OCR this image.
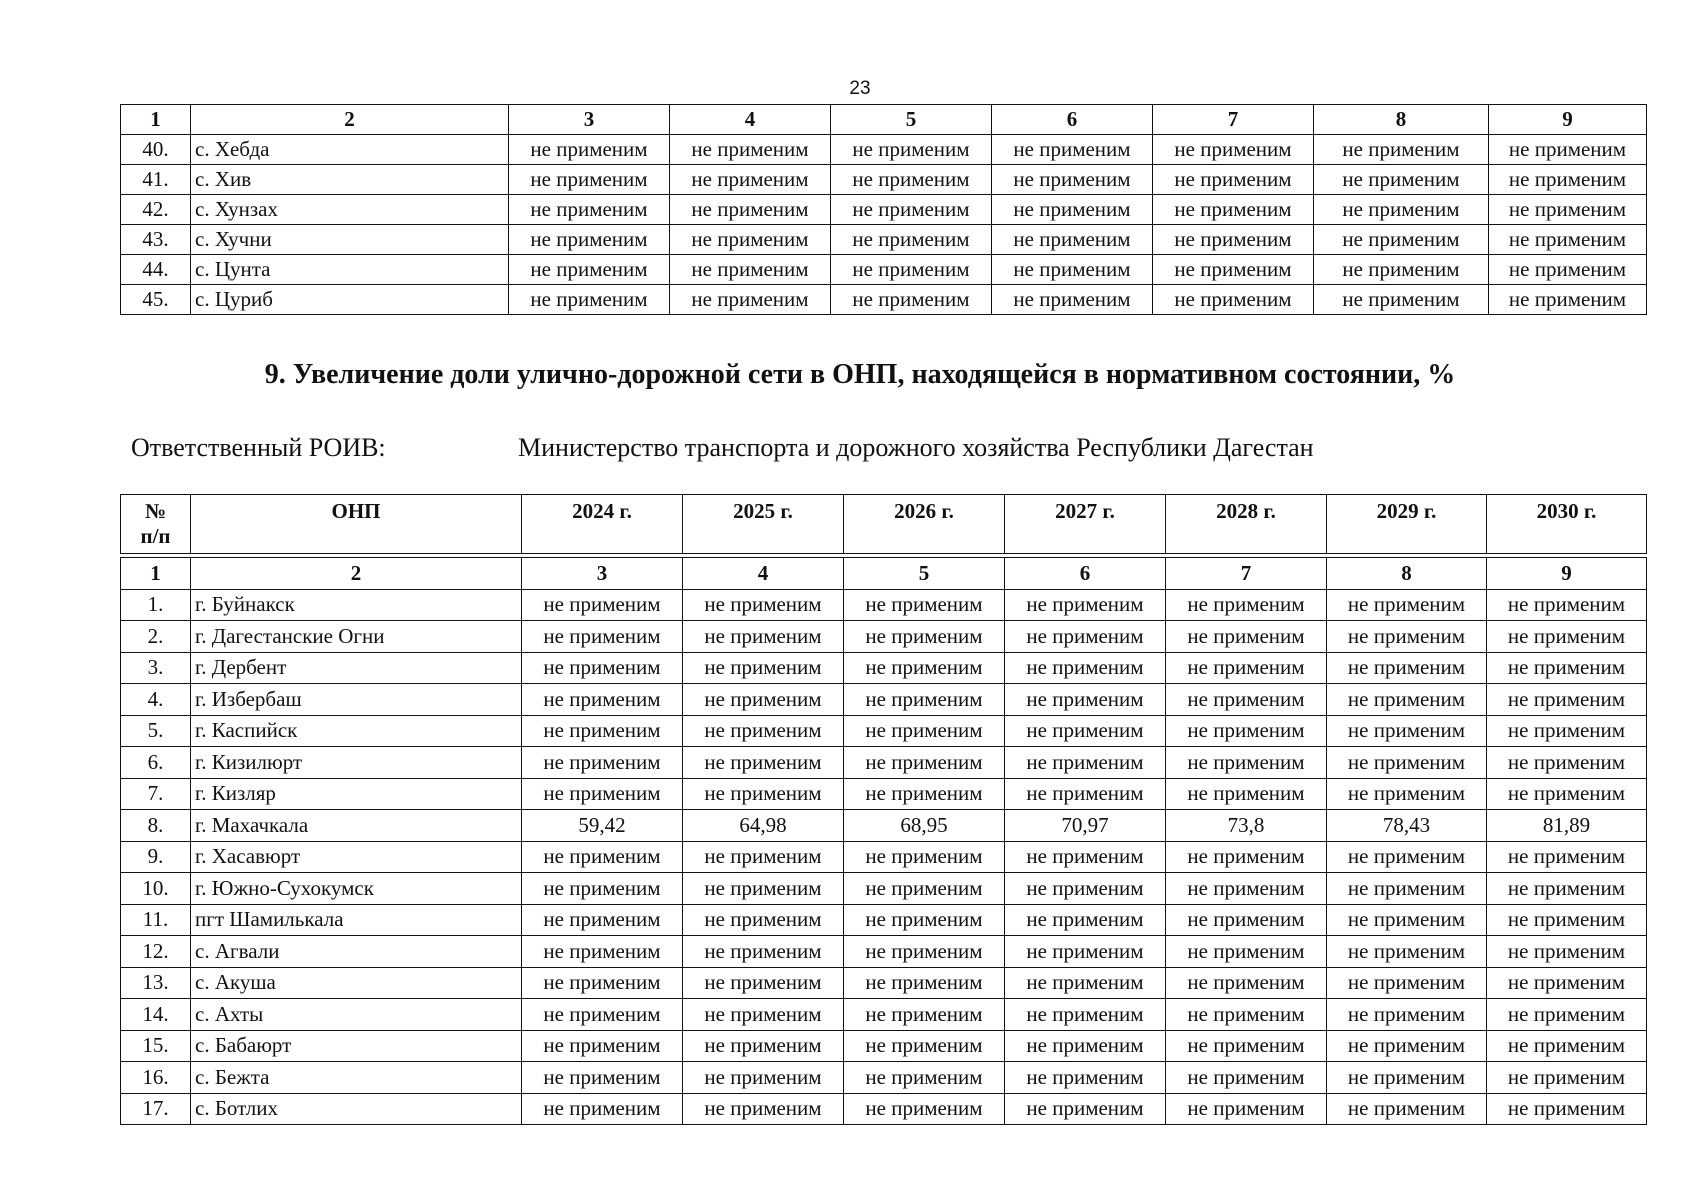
23
1	2	3	4	5	6	7	8	9
40.	с. Хебда	не применим	не применим	не применим	не применим	не применим	не применим	не применим
41.	с. Хив	не применим	не применим	не применим	не применим	не применим	не применим	не применим
42.	с. Хунзах	не применим	не применим	не применим	не применим	не применим	не применим	не применим
43.	с. Хучни	не применим	не применим	не применим	не применим	не применим	не применим	не применим
44.	с. Цунта	не применим	не применим	не применим	не применим	не применим	не применим	не применим
45.	с. Цуриб	не применим	не применим	не применим	не применим	не применим	не применим	не применим
9. Увеличение доли улично-дорожной сети в ОНП, находящейся в нормативном состоянии, %
Ответственный РОИВ:	Министерство транспорта и дорожного хозяйства Республики Дагестан
№
п/п	ОНП	2024 г.	2025 г.	2026 г.	2027 г.	2028 г.	2029 г.	2030 г.
1	2	3	4	5	6	7	8	9
1.	г. Буйнакск	не применим	не применим	не применим	не применим	не применим	не применим	не применим
2.	г. Дагестанские Огни	не применим	не применим	не применим	не применим	не применим	не применим	не применим
3.	г. Дербент	не применим	не применим	не применим	не применим	не применим	не применим	не применим
4.	г. Избербаш	не применим	не применим	не применим	не применим	не применим	не применим	не применим
5.	г. Каспийск	не применим	не применим	не применим	не применим	не применим	не применим	не применим
6.	г. Кизилюрт	не применим	не применим	не применим	не применим	не применим	не применим	не применим
7.	г. Кизляр	не применим	не применим	не применим	не применим	не применим	не применим	не применим
8.	г. Махачкала	59,42	64,98	68,95	70,97	73,8	78,43	81,89
9.	г. Хасавюрт	не применим	не применим	не применим	не применим	не применим	не применим	не применим
10.	г. Южно-Сухокумск	не применим	не применим	не применим	не применим	не применим	не применим	не применим
11.	пгт Шамилькала	не применим	не применим	не применим	не применим	не применим	не применим	не применим
12.	с. Агвали	не применим	не применим	не применим	не применим	не применим	не применим	не применим
13.	с. Акуша	не применим	не применим	не применим	не применим	не применим	не применим	не применим
14.	с. Ахты	не применим	не применим	не применим	не применим	не применим	не применим	не применим
15.	с. Бабаюрт	не применим	не применим	не применим	не применим	не применим	не применим	не применим
16.	с. Бежта	не применим	не применим	не применим	не применим	не применим	не применим	не применим
17.	с. Ботлих	не применим	не применим	не применим	не применим	не применим	не применим	не применим
